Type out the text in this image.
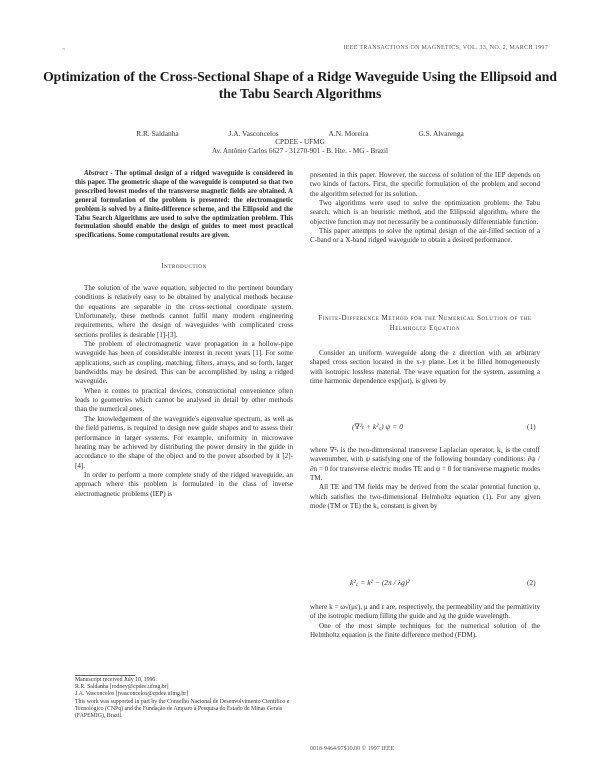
~	IEEE TRANSACTIONS ON MAGNETICS, VOL. 33, NO. 2, MARCH 1997
Optimization of the Cross-Sectional Shape of a Ridge Waveguide Using the Ellipsoid and the Tabu Search Algorithms
R.R. Saldanha	J.A. Vasconcelos	A.N. Moreira	G.S. Alvarenga
CPDEE - UFMG
Av. Antônio Carlos 6627 - 31270-901 - B. Hte. - MG - Brazil

Abstract - The optimal design of a ridged waveguide is considered in this paper. The geometric shape of the waveguide is computed so that two prescribed lowest modes of the transverse magnetic fields are obtained. A general formulation of the problem is presented: the electromagnetic problem is solved by a finite-difference scheme, and the Ellipsoid and the Tabu Search Algorithms are used to solve the optimization problem. This formulation should enable the design of guides to meet most practical specifications. Some computational results are given.

Introduction

The solution of the wave equation, subjected to the pertinent boundary conditions is relatively easy to be obtained by analytical methods because the equations are separable in the cross-sectional coordinate system. Unfortunately, these methods cannot fulfil many modern engineering requirements, where the design of waveguides with complicated cross sections profiles is desirable [1]-[3].

The problem of electromagnetic wave propagation in a hollow-pipe waveguide has been of considerable interest in recent years [1]. For some applications, such as coupling, matching, filters, arrays, and so forth, larger bandwidths may be desired. This can be accomplished by using a ridged waveguide.

When it comes to practical devices, constructional convenience often leads to geometries which cannot be analysed in detail by other methods than the numerical ones.

The knowledgement of the waveguide's eigenvalue spectrum, as well as the field patterns, is required to design new guide shapes and to assess their performance in larger systems. For example, uniformity in microwave heating may be achieved by distributing the power density in the guide in accordance to the shape of the object and to the power absorbed by it [2]-[4].

In order to perform a more complete study of the ridged waveguide, an approach where this problem is formulated in the class of inverse electromagnetic problems (IEP) is

Manuscript received July 10, 1996.
R.R. Saldanha [rodney@cpdee.ufmg.br]
J.A. Vasconcelos [jvasconcelos@cpdee.ufmg.br]
This work was supported in part by the Conselho Nacional de Desenvolvimento Científico e Tecnológico (CNPq) and the Fundação de Amparo à Pesquisa do Estado de Minas Gerais (FAPEMIG), Brazil.

presented in this paper. However, the success of solution of the IEP depends on two kinds of factors. First, the specific formulation of the problem and second the algorithm selected for its solution.

Two algorithms were used to solve the optimization problem: the Tabu search, which is an heuristic method, and the Ellipsoid algorithm, where the objective function may not necessarily be a continuously differentiable function.

This paper attempts to solve the optimal design of the air-filled section of a C-band or a X-band ridged waveguide to obtain a desired performance.

Finite-Difference Method for the Numerical Solution of the Helmholtz Equation

Consider an uniform waveguide along the z direction with an arbitrary shaped cross section located in the x-y plane. Let it be filled homogeneously with isotropic lossless material. The wave equation for the system, assuming a time harmonic dependence exp(jωt), is given by

(∇²ₜ + k²꜀) ψ = 0	(1)

where ∇²ₜ is the two-dimensional transverse Laplacian operator, k꜀ is the cutoff wavenumber, with ψ satisfying one of the following boundary conditions: ∂ψ / ∂n = 0 for transverse electric modes TE and ψ = 0 for transverse magnetic modes TM.

All TE and TM fields may be derived from the scalar potential function ψ, which satisfies the two-dimensional Helmholtz equation (1). For any given mode (TM or TE) the k꜀ constant is given by

k²꜀ = k² − (2π / λg)²	(2)

where k = ω√(με), μ and ε are, respectively, the permeability and the permittivity of the isotropic medium filling the guide and λg the guide wavelength.

One of the most simple techniques for the numerical solution of the Helmholtz equation is the finite difference method (FDM).

0018-9464/97$10.00 © 1997 IEEE
